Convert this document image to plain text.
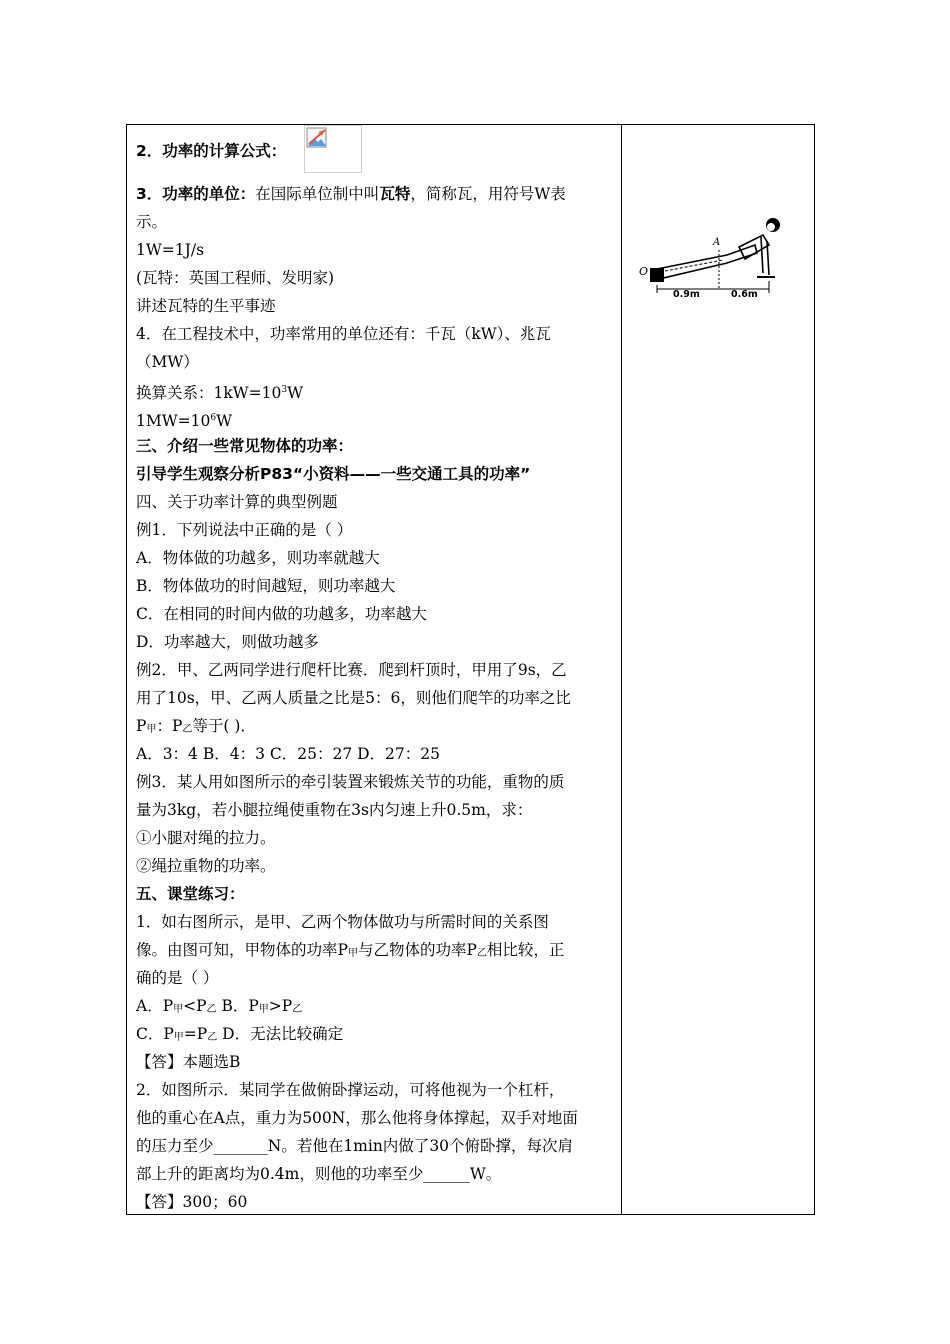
2．功率的计算公式：
3．功率的单位：在国际单位制中叫瓦特，简称瓦，用符号W表
示。
1W=1J/s
(瓦特：英国工程师、发明家)
讲述瓦特的生平事迹
4．在工程技术中，功率常用的单位还有：千瓦（kW）、兆瓦
（MW）
换算关系：$1kW=10^3W$
$1MW=10^6W$
三、介绍一些常见物体的功率：
引导学生观察分析P83“小资料——一些交通工具的功率”
四、关于功率计算的典型例题
例1．下列说法中正确的是（ ）
A．物体做的功越多，则功率就越大
B．物体做功的时间越短，则功率越大
C．在相同的时间内做的功越多，功率越大
D．功率越大，则做功越多
例2．甲、乙两同学进行爬杆比赛．爬到杆顶时，甲用了9s，乙
用了10s，甲、乙两人质量之比是5：6，则他们爬竿的功率之比
P甲：P乙等于( )．
A．3：4 B．4：3 C．25：27 D．27：25
例3．某人用如图所示的牵引装置来锻炼关节的功能，重物的质
量为3kg，若小腿拉绳使重物在3s内匀速上升0.5m，求：
①小腿对绳的拉力。
②绳拉重物的功率。
五、课堂练习：
1．如右图所示，是甲、乙两个物体做功与所需时间的关系图
像。由图可知，甲物体的功率P甲与乙物体的功率P乙相比较，正
确的是（ ）
A．P甲<P乙 B．P甲>P乙
C．P甲=P乙 D．无法比较确定
【答】本题选B
2．如图所示．某同学在做俯卧撑运动，可将他视为一个杠杆，
他的重心在A点，重力为500N，那么他将身体撑起，双手对地面
的压力至少_______N。若他在1min内做了30个俯卧撑，每次肩
部上升的距离均为0.4m，则他的功率至少______W。
【答】300；60
O
A
0.9m	0.6m
